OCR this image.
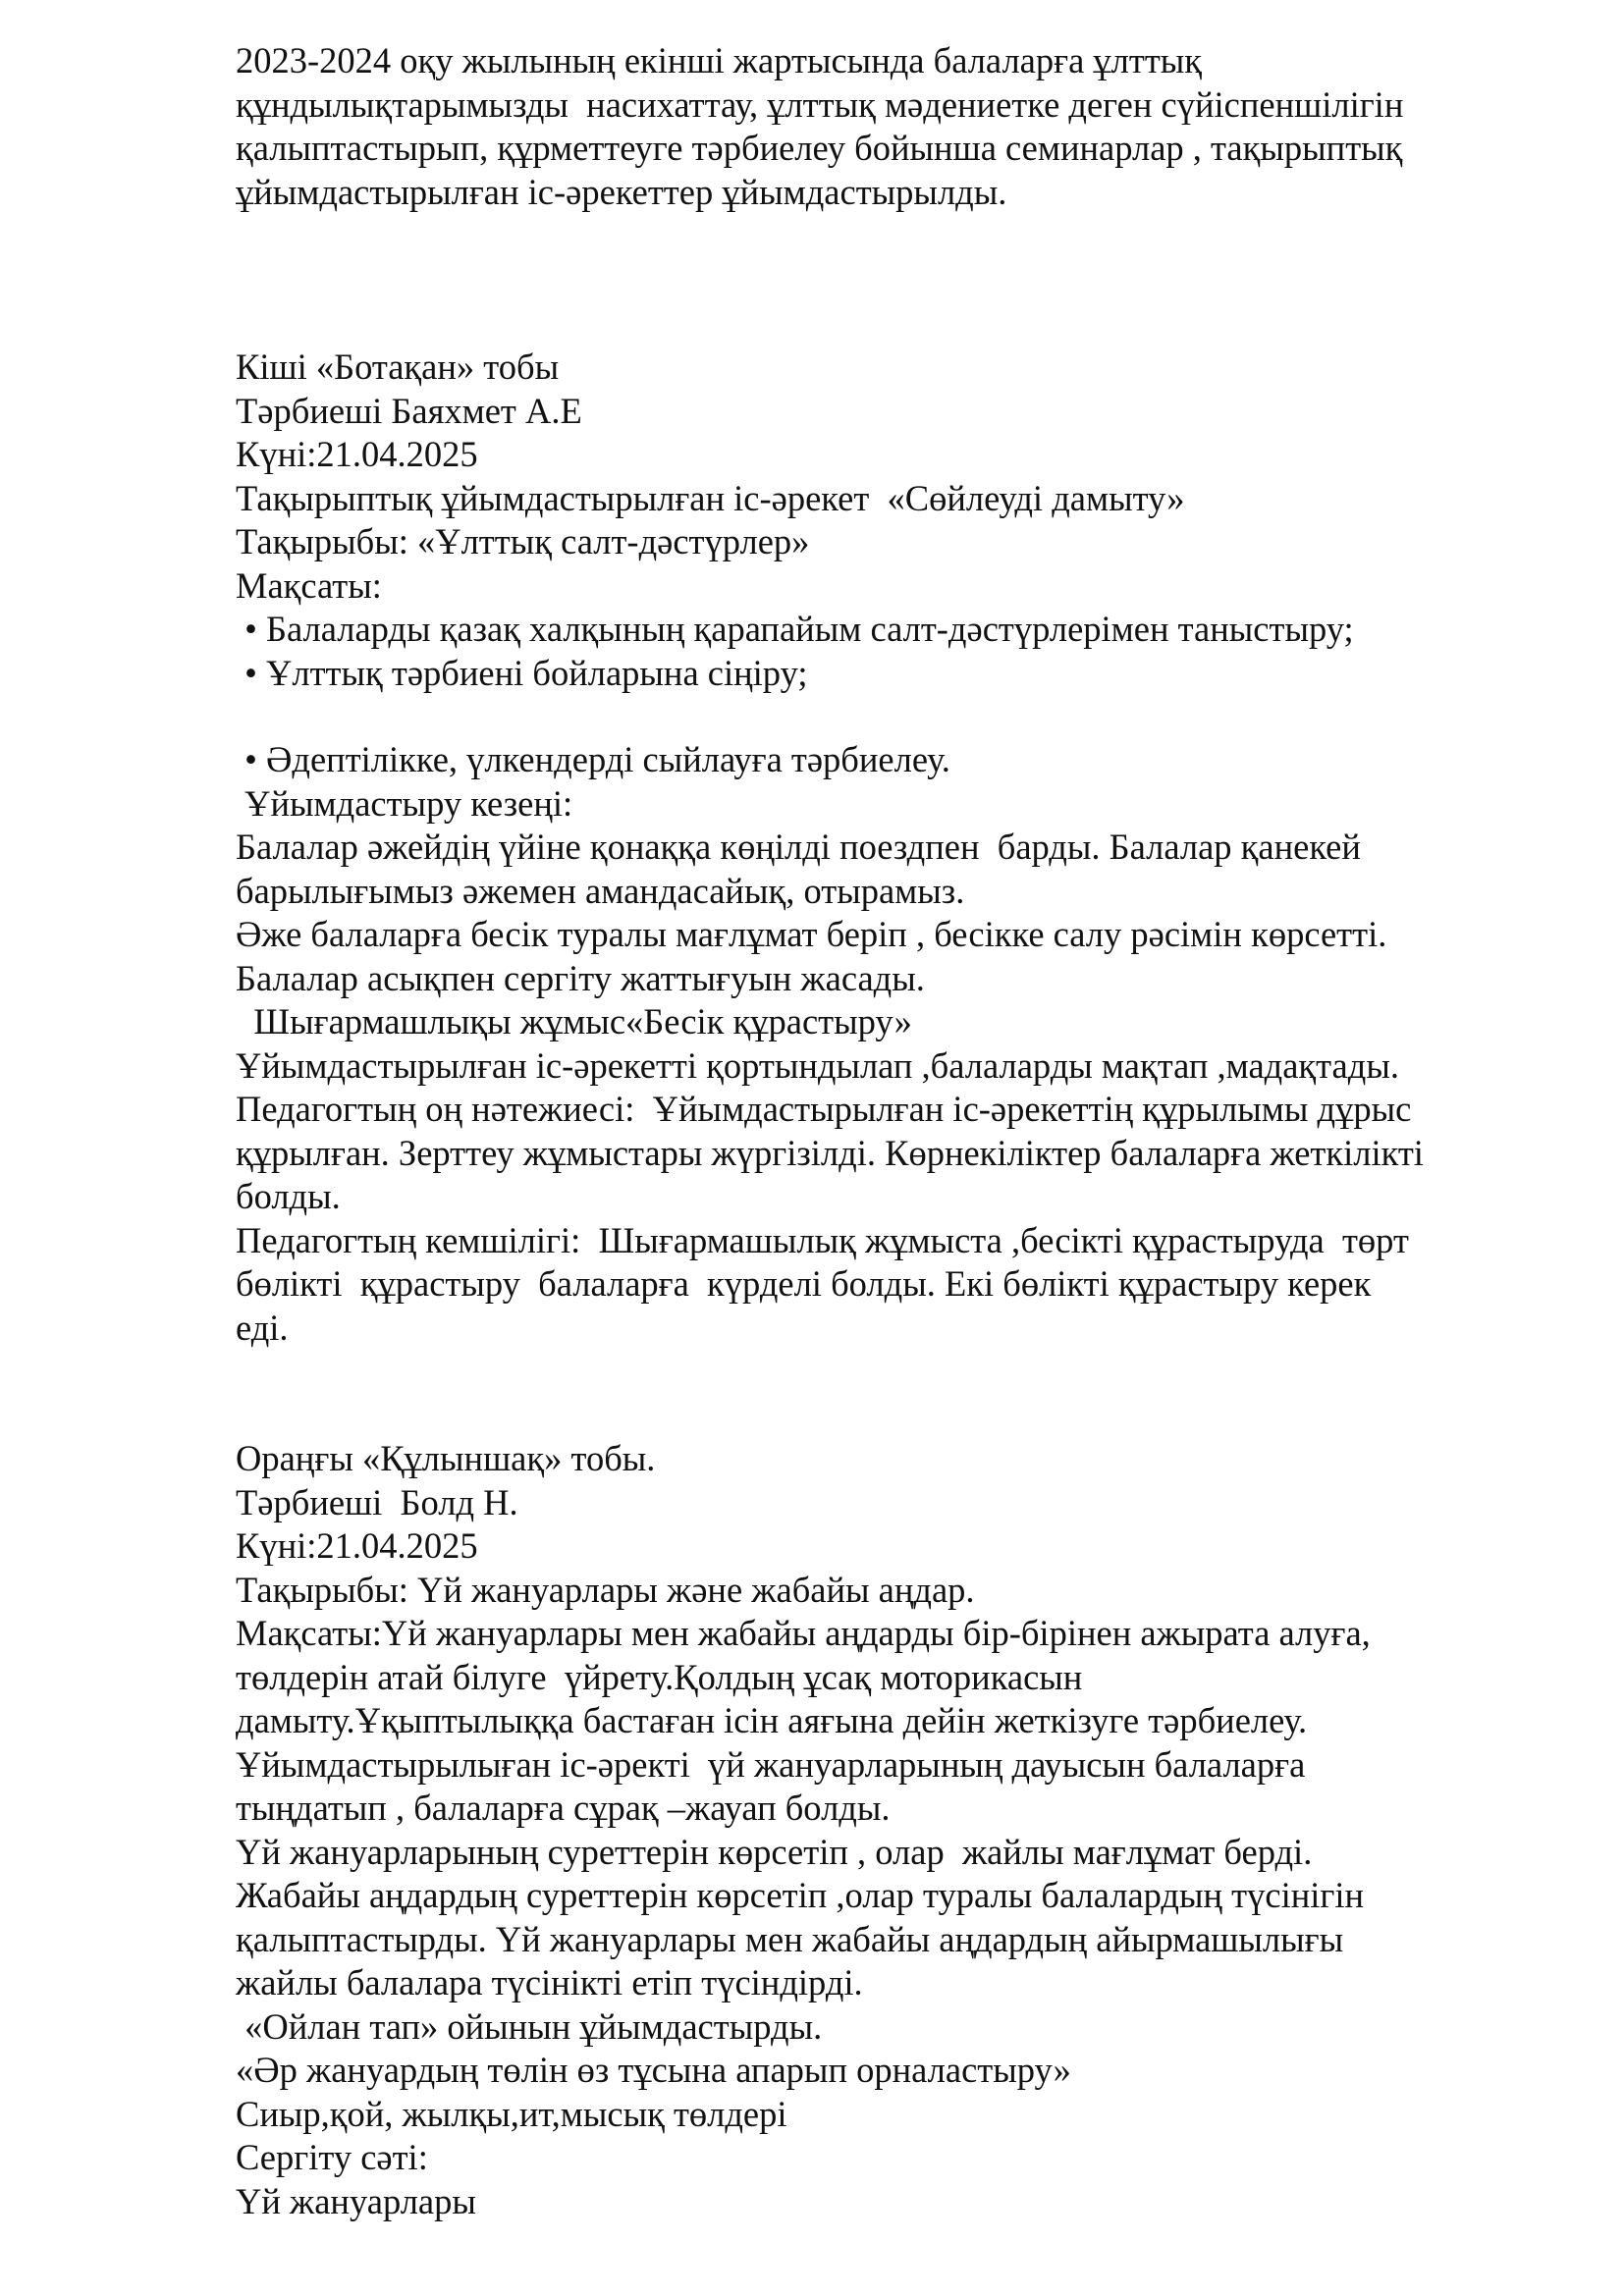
2023-2024 оқу жылының екінші жартысында балаларға ұлттық
құндылықтарымызды  насихаттау, ұлттық мәдениетке деген сүйіспеншілігін
қалыптастырып, құрметтеуге тәрбиелеу бойынша семинарлар , тақырыптық
ұйымдастырылған іс-әрекеттер ұйымдастырылды.
Кіші «Ботақан» тобы
Тәрбиеші Баяхмет А.Е
Күні:21.04.2025
Тақырыптық ұйымдастырылған іс-әрекет  «Сөйлеуді дамыту»
Тақырыбы: «Ұлттық салт-дәстүрлер»
Мақсаты:
• Балаларды қазақ халқының қарапайым салт-дәстүрлерімен таныстыру;
• Ұлттық тәрбиені бойларына сіңіру;
• Әдептілікке, үлкендерді сыйлауға тәрбиелеу.
Ұйымдастыру кезеңі:
Балалар әжейдің үйіне қонаққа көңілді поездпен  барды. Балалар қанекей
барылығымыз әжемен амандасайық, отырамыз.
Әже балаларға бесік туралы мағлұмат беріп , бесікке салу рәсімін көрсетті.
Балалар асықпен сергіту жаттығуын жасады.
Шығармашлықы жұмыс«Бесік құрастыру»
Ұйымдастырылған іс-әрекетті қортындылап ,балаларды мақтап ,мадақтады.
Педагогтың оң нәтежиесі:  Ұйымдастырылған іс-әрекеттің құрылымы дұрыс
құрылған. Зерттеу жұмыстары жүргізілді. Көрнекіліктер балаларға жеткілікті
болды.
Педагогтың кемшілігі:  Шығармашылық жұмыста ,бесікті құрастыруда  төрт
бөлікті  құрастыру  балаларға  күрделі болды. Екі бөлікті құрастыру керек
еді.
Ораңғы «Құлыншақ» тобы.
Тәрбиеші  Болд Н.
Күні:21.04.2025
Тақырыбы: Үй жануарлары және жабайы аңдар.
Мақсаты:Үй жануарлары мен жабайы аңдарды бір-бірінен ажырата алуға,
төлдерін атай білуге  үйрету.Қолдың ұсақ моторикасын
дамыту.Ұқыптылыққа бастаған ісін аяғына дейін жеткізуге тәрбиелеу.
Ұйымдастырылыған іс-әректі  үй жануарларының дауысын балаларға
тыңдатып , балаларға сұрақ –жауап болды.
Үй жануарларының суреттерін көрсетіп , олар  жайлы мағлұмат берді.
Жабайы аңдардың суреттерін көрсетіп ,олар туралы балалардың түсінігін
қалыптастырды. Үй жануарлары мен жабайы аңдардың айырмашылығы
жайлы балалара түсінікті етіп түсіндірді.
«Ойлан тап» ойынын ұйымдастырды.
«Әр жануардың төлін өз тұсына апарып орналастыру»
Сиыр,қой, жылқы,ит,мысық төлдері
Сергіту сәті:
Үй жануарлары
